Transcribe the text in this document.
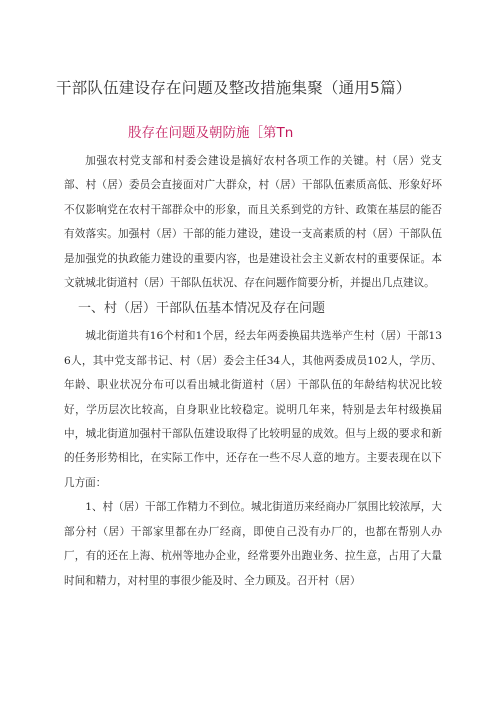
干部队伍建设存在问题及整改措施集聚（通用5篇）
股存在问题及朝防施［第Tn

加强农村党支部和村委会建设是搞好农村各项工作的关键。村（居）党支部、村（居）委员会直接面对广大群众，村（居）干部队伍素质高低、形象好坏不仅影响党在农村干部群众中的形象，而且关系到党的方针、政策在基层的能否有效落实。加强村（居）干部的能力建设，建设一支高素质的村（居）干部队伍是加强党的执政能力建设的重要内容，也是建设社会主义新农村的重要保证。本文就城北街道村（居）干部队伍状况、存在问题作简要分析，并提出几点建议。

一、村（居）干部队伍基本情况及存在问题

城北街道共有16个村和1个居，经去年两委换届共选举产生村（居）干部136人，其中党支部书记、村（居）委会主任34人，其他两委成员102人，学历、年龄、职业状况分布可以看出城北街道村（居）干部队伍的年龄结构状况比较好，学历层次比较高，自身职业比较稳定。说明几年来，特别是去年村级换届中，城北街道加强村干部队伍建设取得了比较明显的成效。但与上级的要求和新的任务形势相比，在实际工作中，还存在一些不尽人意的地方。主要表现在以下几方面：

1、村（居）干部工作精力不到位。城北街道历来经商办厂氛围比较浓厚，大部分村（居）干部家里都在办厂经商，即使自己没有办厂的，也都在帮别人办厂，有的还在上海、杭州等地办企业，经常要外出跑业务、拉生意，占用了大量时间和精力，对村里的事很少能及时、全力顾及。召开村（居）
